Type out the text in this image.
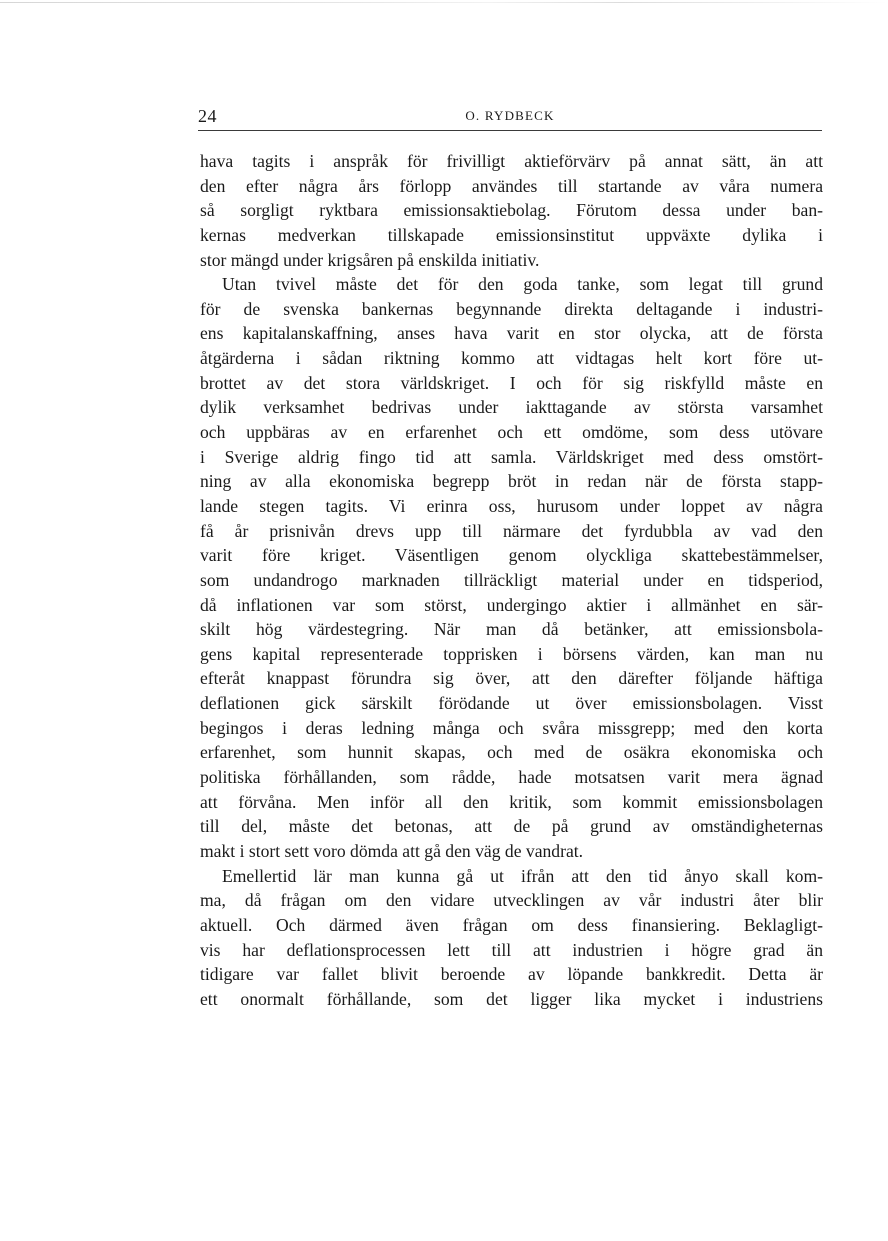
24	O. RYDBECK
hava tagits i anspråk för frivilligt aktieförvärv på annat sätt, än att
den efter några års förlopp användes till startande av våra numera
så sorgligt ryktbara emissionsaktiebolag. Förutom dessa under ban-
kernas medverkan tillskapade emissionsinstitut uppväxte dylika i
stor mängd under krigsåren på enskilda initiativ.
Utan tvivel måste det för den goda tanke, som legat till grund
för de svenska bankernas begynnande direkta deltagande i industri-
ens kapitalanskaffning, anses hava varit en stor olycka, att de första
åtgärderna i sådan riktning kommo att vidtagas helt kort före ut-
brottet av det stora världskriget. I och för sig riskfylld måste en
dylik verksamhet bedrivas under iakttagande av största varsamhet
och uppbäras av en erfarenhet och ett omdöme, som dess utövare
i Sverige aldrig fingo tid att samla. Världskriget med dess omstört-
ning av alla ekonomiska begrepp bröt in redan när de första stapp-
lande stegen tagits. Vi erinra oss, hurusom under loppet av några
få år prisnivån drevs upp till närmare det fyrdubbla av vad den
varit före kriget. Väsentligen genom olyckliga skattebestämmelser,
som undandrogo marknaden tillräckligt material under en tidsperiod,
då inflationen var som störst, undergingo aktier i allmänhet en sär-
skilt hög värdestegring. När man då betänker, att emissionsbola-
gens kapital representerade topprisken i börsens värden, kan man nu
efteråt knappast förundra sig över, att den därefter följande häftiga
deflationen gick särskilt förödande ut över emissionsbolagen. Visst
begingos i deras ledning många och svåra missgrepp; med den korta
erfarenhet, som hunnit skapas, och med de osäkra ekonomiska och
politiska förhållanden, som rådde, hade motsatsen varit mera ägnad
att förvåna. Men inför all den kritik, som kommit emissionsbolagen
till del, måste det betonas, att de på grund av omständigheternas
makt i stort sett voro dömda att gå den väg de vandrat.
Emellertid lär man kunna gå ut ifrån att den tid ånyo skall kom-
ma, då frågan om den vidare utvecklingen av vår industri åter blir
aktuell. Och därmed även frågan om dess finansiering. Beklagligt-
vis har deflationsprocessen lett till att industrien i högre grad än
tidigare var fallet blivit beroende av löpande bankkredit. Detta är
ett onormalt förhållande, som det ligger lika mycket i industriens
